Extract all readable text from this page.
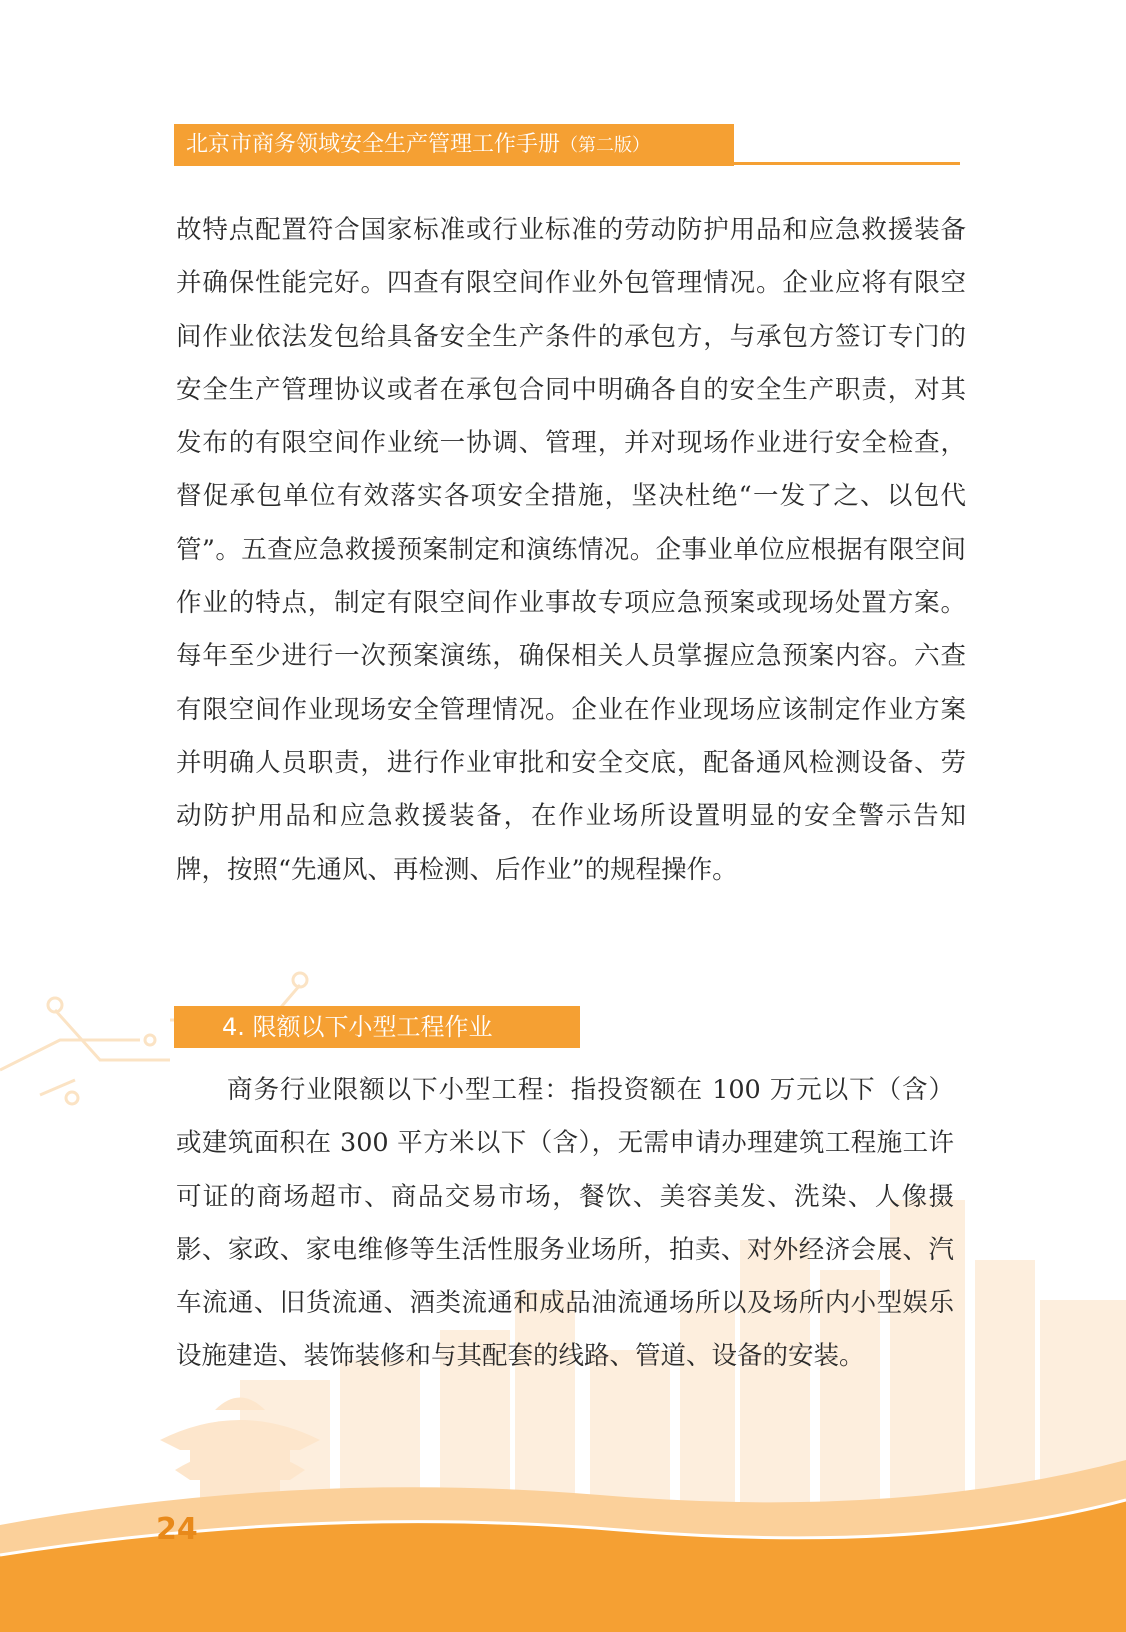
北京市商务领域安全生产管理工作手册（第二版）

故特点配置符合国家标准或行业标准的劳动防护用品和应急救援装备并确保性能完好。四查有限空间作业外包管理情况。企业应将有限空间作业依法发包给具备安全生产条件的承包方，与承包方签订专门的安全生产管理协议或者在承包合同中明确各自的安全生产职责，对其发布的有限空间作业统一协调、管理，并对现场作业进行安全检查，督促承包单位有效落实各项安全措施，坚决杜绝“一发了之、以包代管”。五查应急救援预案制定和演练情况。企事业单位应根据有限空间作业的特点，制定有限空间作业事故专项应急预案或现场处置方案。每年至少进行一次预案演练，确保相关人员掌握应急预案内容。六查有限空间作业现场安全管理情况。企业在作业现场应该制定作业方案并明确人员职责，进行作业审批和安全交底，配备通风检测设备、劳动防护用品和应急救援装备，在作业场所设置明显的安全警示告知牌，按照“先通风、再检测、后作业”的规程操作。

4. 限额以下小型工程作业

商务行业限额以下小型工程：指投资额在 100 万元以下（含）或建筑面积在 300 平方米以下（含），无需申请办理建筑工程施工许可证的商场超市、商品交易市场，餐饮、美容美发、洗染、人像摄影、家政、家电维修等生活性服务业场所，拍卖、对外经济会展、汽车流通、旧货流通、酒类流通和成品油流通场所以及场所内小型娱乐设施建造、装饰装修和与其配套的线路、管道、设备的安装。

24
